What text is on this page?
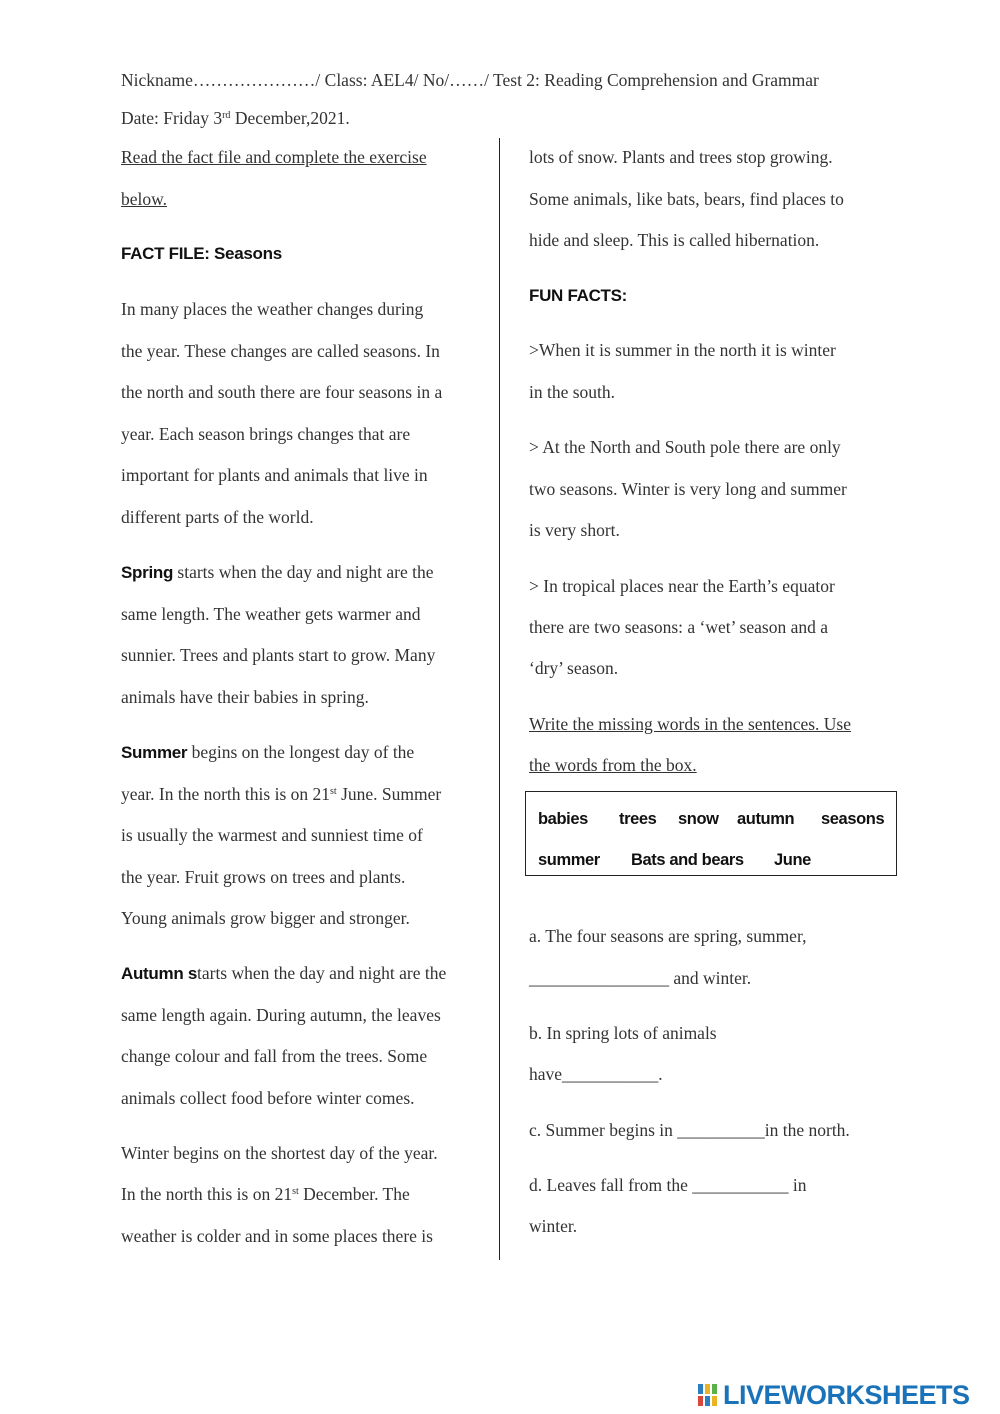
Nickname…………………/ Class: AEL4/ No/……/ Test 2: Reading Comprehension and Grammar
Date: Friday 3rd December,2021.
Read the fact file and complete the exercise
below.
FACT FILE: Seasons
In many places the weather changes during
the year. These changes are called seasons. In
the north and south there are four seasons in a
year. Each season brings changes that are
important for plants and animals that live in
different parts of the world.
Spring starts when the day and night are the
same length. The weather gets warmer and
sunnier. Trees and plants start to grow. Many
animals have their babies in spring.
Summer begins on the longest day of the
year. In the north this is on 21st June. Summer
is usually the warmest and sunniest time of
the year. Fruit grows on trees and plants.
Young animals grow bigger and stronger.
Autumn starts when the day and night are the
same length again. During autumn, the leaves
change colour and fall from the trees. Some
animals collect food before winter comes.
Winter begins on the shortest day of the year.
In the north this is on 21st December. The
weather is colder and in some places there is
lots of snow. Plants and trees stop growing.
Some animals, like bats, bears, find places to
hide and sleep. This is called hibernation.
FUN FACTS:
>When it is summer in the north it is winter
in the south.
> At the North and South pole there are only
two seasons. Winter is very long and summer
is very short.
> In tropical places near the Earth’s equator
there are two seasons: a ‘wet’ season and a
‘dry’ season.
Write the missing words in the sentences. Use
the words from the box.
babies trees snow autumn seasons
summer Bats and bears June
a. The four seasons are spring, summer,
________________ and winter.
b. In spring lots of animals
have___________.
c. Summer begins in __________in the north.
d. Leaves fall from the ___________ in
winter.
LIVEWORKSHEETS
